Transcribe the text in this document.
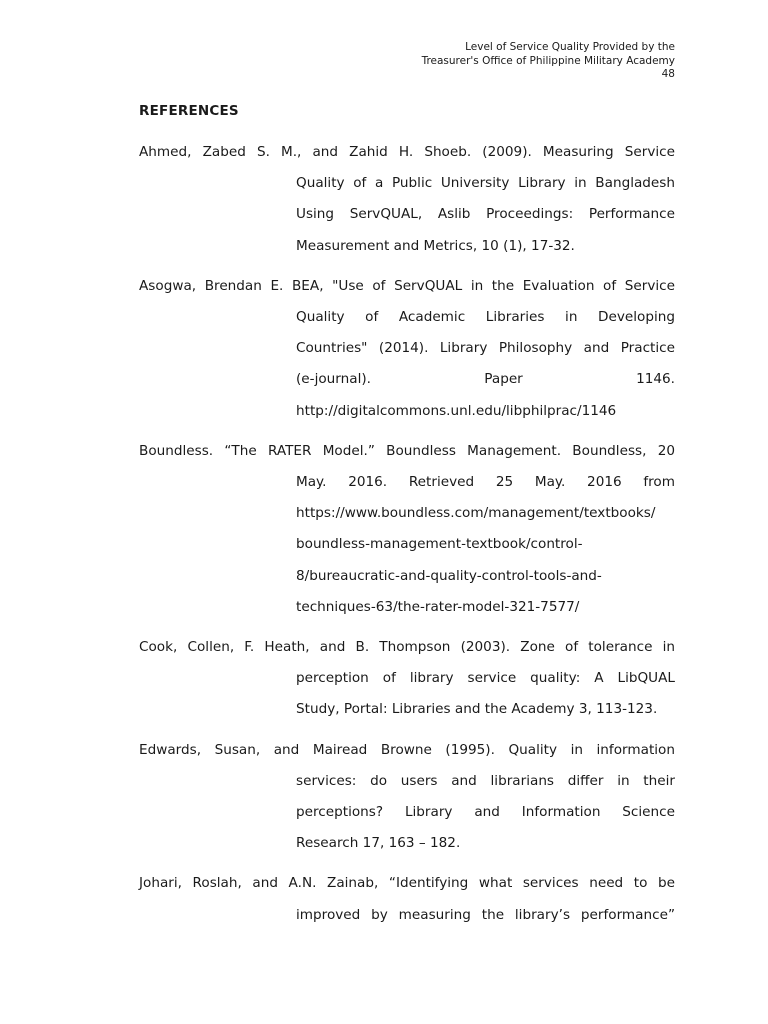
Level of Service Quality Provided by the
Treasurer's Office of Philippine Military Academy
48
REFERENCES
Ahmed, Zabed S. M., and Zahid H. Shoeb. (2009). Measuring Service
Quality of a Public University Library in Bangladesh
Using ServQUAL, Aslib Proceedings: Performance
Measurement and Metrics, 10 (1), 17-32.
Asogwa, Brendan E. BEA, "Use of ServQUAL in the Evaluation of Service
Quality of Academic Libraries in Developing
Countries" (2014). Library Philosophy and Practice
(e-journal). Paper 1146.
http://digitalcommons.unl.edu/libphilprac/1146
Boundless. “The RATER Model.” Boundless Management. Boundless, 20
May. 2016. Retrieved 25 May. 2016 from
https://www.boundless.com/management/textbooks/
boundless-management-textbook/control-
8/bureaucratic-and-quality-control-tools-and-
techniques-63/the-rater-model-321-7577/
Cook, Collen, F. Heath, and B. Thompson (2003). Zone of tolerance in
perception of library service quality: A LibQUAL
Study, Portal: Libraries and the Academy 3, 113-123.
Edwards, Susan, and Mairead Browne (1995). Quality in information
services: do users and librarians differ in their
perceptions? Library and Information Science
Research 17, 163 – 182.
Johari, Roslah, and A.N. Zainab, “Identifying what services need to be
improved by measuring the library’s performance”
